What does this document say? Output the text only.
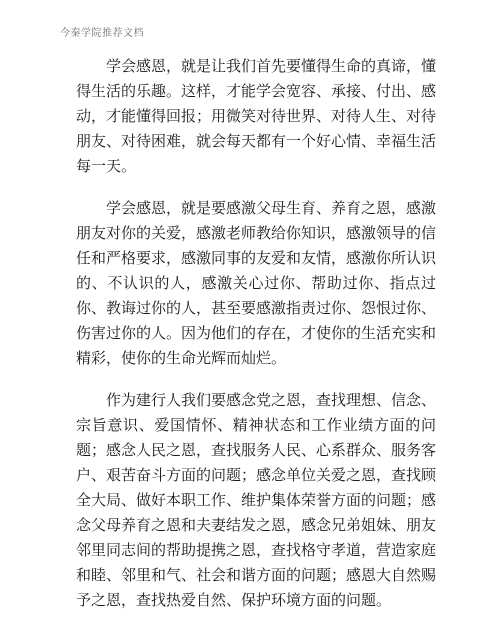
今秦学院推荐文档

学会感恩，就是让我们首先要懂得生命的真谛，懂得生活的乐趣。这样，才能学会宽容、承接、付出、感动，才能懂得回报；用微笑对待世界、对待人生、对待朋友、对待困难，就会每天都有一个好心情、幸福生活每一天。

学会感恩，就是要感激父母生育、养育之恩，感激朋友对你的关爱，感激老师教给你知识，感激领导的信任和严格要求，感激同事的友爱和友情，感激你所认识的、不认识的人，感激关心过你、帮助过你、指点过你、教诲过你的人，甚至要感激指责过你、怨恨过你、伤害过你的人。因为他们的存在，才使你的生活充实和精彩，使你的生命光辉而灿烂。

作为建行人我们要感念党之恩，查找理想、信念、宗旨意识、爱国情怀、精神状态和工作业绩方面的问题；感念人民之恩，查找服务人民、心系群众、服务客户、艰苦奋斗方面的问题；感念单位关爱之恩，查找顾全大局、做好本职工作、维护集体荣誉方面的问题；感念父母养育之恩和夫妻结发之恩，感念兄弟姐妹、朋友邻里同志间的帮助提携之恩，查找格守孝道，营造家庭和睦、邻里和气、社会和谐方面的问题；感恩大自然赐予之恩，查找热爱自然、保护环境方面的问题。
